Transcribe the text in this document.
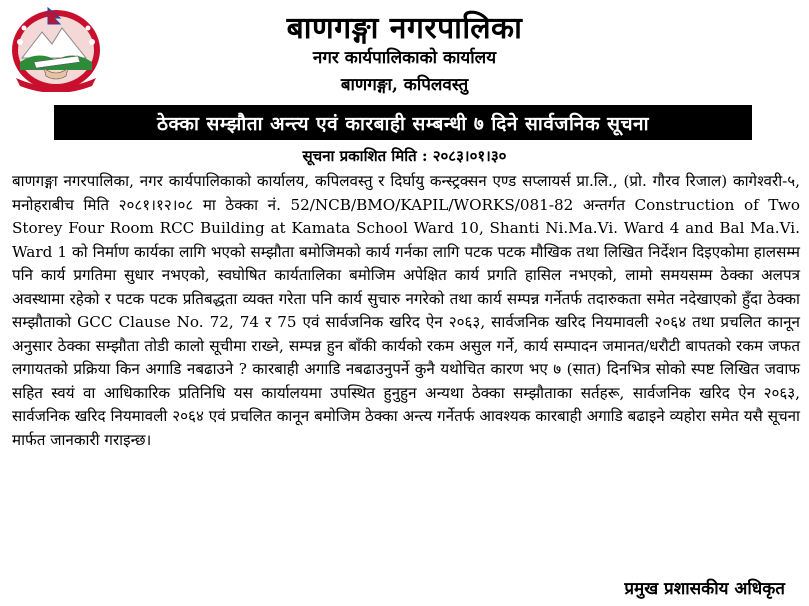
बाणगङ्गा नगरपालिका
नगर कार्यपालिकाको कार्यालय
बाणगङ्गा, कपिलवस्तु
ठेक्का सम्झौता अन्त्य एवं कारबाही सम्बन्धी ७ दिने सार्वजनिक सूचना
सूचना प्रकाशित मिति : २०८३।०१।३०
बाणगङ्गा नगरपालिका, नगर कार्यपालिकाको कार्यालय, कपिलवस्तु र दिर्घायु कन्स्ट्रक्सन एण्ड सप्लायर्स प्रा.लि., (प्रो. गौरव रिजाल) कागेश्वरी-५, मनोहराबीच मिति २०८१।१२।०८ मा ठेक्का नं. 52/NCB/BMO/KAPIL/WORKS/081-82 अन्तर्गत Construction of Two Storey Four Room RCC Building at Kamata School Ward 10, Shanti Ni.Ma.Vi. Ward 4 and Bal Ma.Vi. Ward 1 को निर्माण कार्यका लागि भएको सम्झौता बमोजिमको कार्य गर्नका लागि पटक पटक मौखिक तथा लिखित निर्देशन दिइएकोमा हालसम्म पनि कार्य प्रगतिमा सुधार नभएको, स्वघोषित कार्यतालिका बमोजिम अपेक्षित कार्य प्रगति हासिल नभएको, लामो समयसम्म ठेक्का अलपत्र अवस्थामा रहेको र पटक पटक प्रतिबद्धता व्यक्त गरेता पनि कार्य सुचारु नगरेको तथा कार्य सम्पन्न गर्नेतर्फ तदारुकता समेत नदेखाएको हुँदा ठेक्का सम्झौताको GCC Clause No. 72, 74 र 75 एवं सार्वजनिक खरिद ऐन २०६३, सार्वजनिक खरिद नियमावली २०६४ तथा प्रचलित कानून अनुसार ठेक्का सम्झौता तोडी कालो सूचीमा राख्ने, सम्पन्न हुन बाँकी कार्यको रकम असुल गर्ने, कार्य सम्पादन जमानत/धरौटी बापतको रकम जफत लगायतको प्रक्रिया किन अगाडि नबढाउने ? कारबाही अगाडि नबढाउनुपर्ने कुनै यथोचित कारण भए ७ (सात) दिनभित्र सोको स्पष्ट लिखित जवाफ सहित स्वयं वा आधिकारिक प्रतिनिधि यस कार्यालयमा उपस्थित हुनुहुन अन्यथा ठेक्का सम्झौताका सर्तहरू, सार्वजनिक खरिद ऐन २०६३, सार्वजनिक खरिद नियमावली २०६४ एवं प्रचलित कानून बमोजिम ठेक्का अन्त्य गर्नेतर्फ आवश्यक कारबाही अगाडि बढाइने व्यहोरा समेत यसै सूचना मार्फत जानकारी गराइन्छ।
प्रमुख प्रशासकीय अधिकृत
